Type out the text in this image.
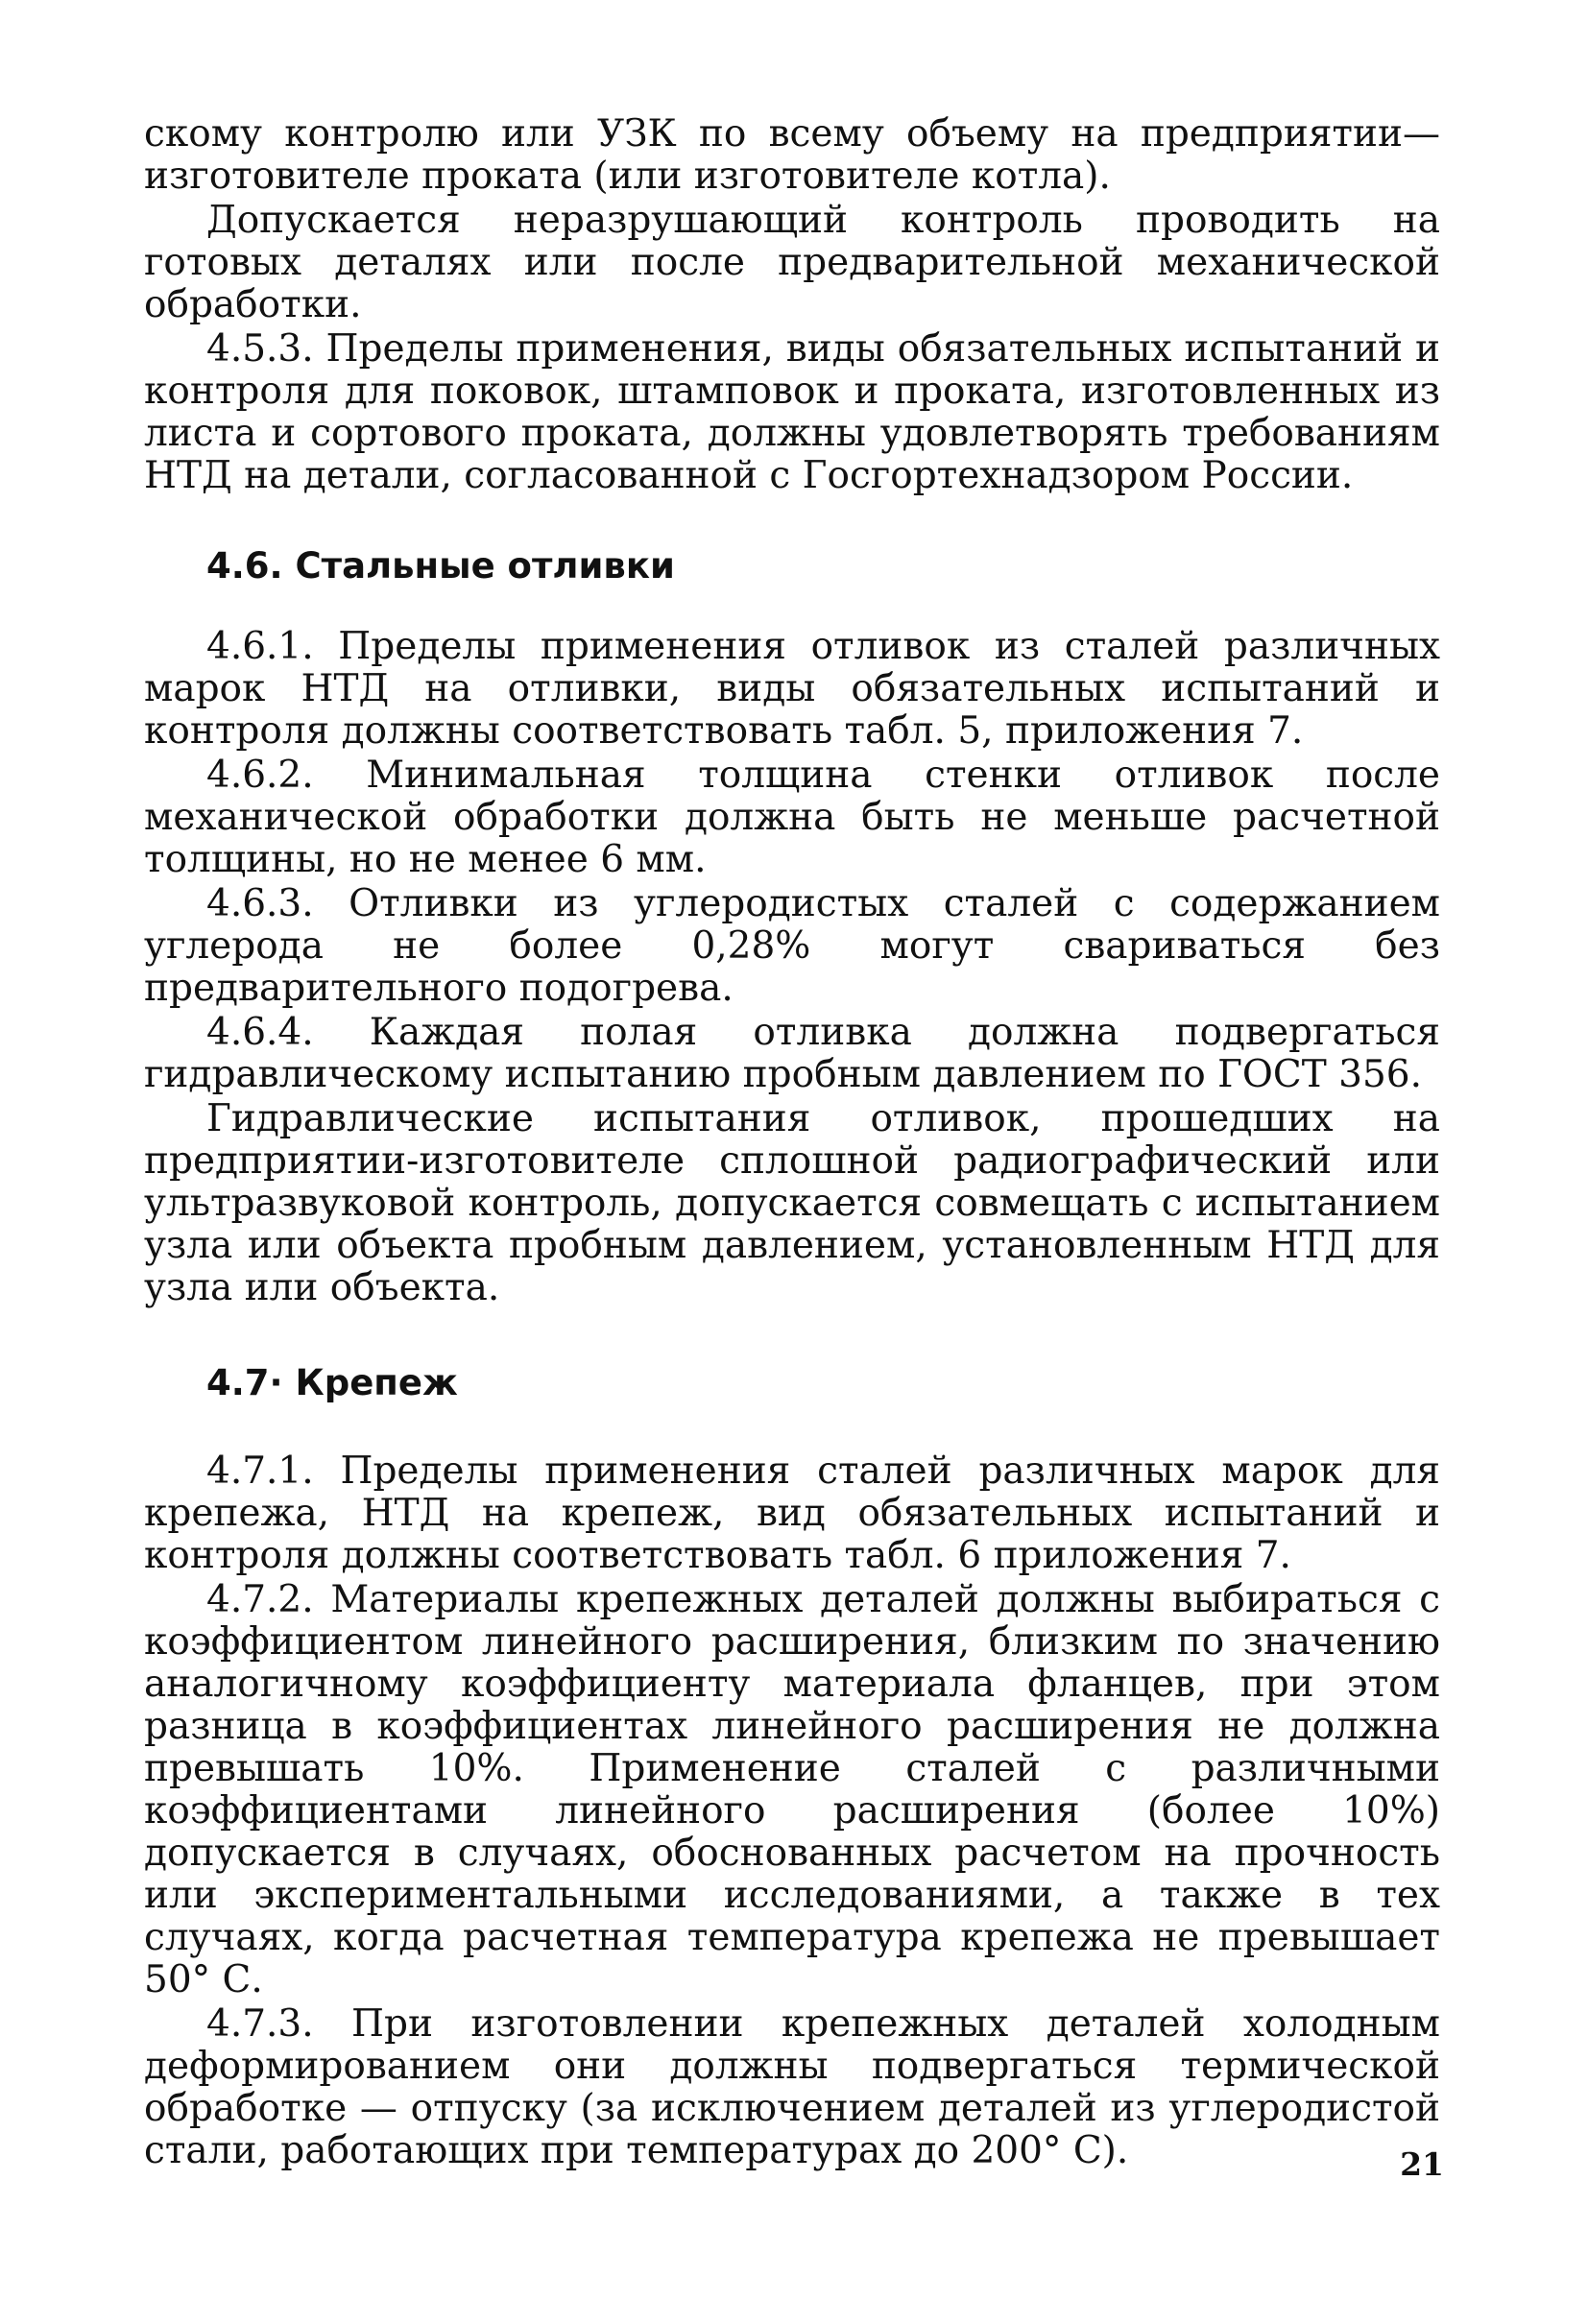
скому контролю или УЗК по всему объему на предприятии— изготовителе проката (или изготовителе котла).

Допускается неразрушающий контроль проводить на готовых деталях или после предварительной механической обработки.

4.5.3. Пределы применения, виды обязательных испытаний и контроля для поковок, штамповок и проката, изготовленных из листа и сортового проката, должны удовлетворять требованиям НТД на детали, согласованной с Госгортехнадзором России.

4.6. Стальные отливки

4.6.1. Пределы применения отливок из сталей различных марок НТД на отливки, виды обязательных испытаний и контроля должны соответствовать табл. 5, приложения 7.

4.6.2. Минимальная толщина стенки отливок после механической обработки должна быть не меньше расчетной толщины, но не менее 6 мм.

4.6.3. Отливки из углеродистых сталей с содержанием углерода не более 0,28% могут свариваться без предварительного подогрева.

4.6.4. Каждая полая отливка должна подвергаться гидравлическому испытанию пробным давлением по ГОСТ 356.

Гидравлические испытания отливок, прошедших на предприятии-изготовителе сплошной радиографический или ультразвуковой контроль, допускается совмещать с испытанием узла или объекта пробным давлением, установленным НТД для узла или объекта.

4.7· Крепеж

4.7.1. Пределы применения сталей различных марок для крепежа, НТД на крепеж, вид обязательных испытаний и контроля должны соответствовать табл. 6 приложения 7.

4.7.2. Материалы крепежных деталей должны выбираться с коэффициентом линейного расширения, близким по значению аналогичному коэффициенту материала фланцев, при этом разница в коэффициентах линейного расширения не должна превышать 10%. Применение сталей с различными коэффициентами линейного расширения (более 10%) допускается в случаях, обоснованных расчетом на прочность или экспериментальными исследованиями, а также в тех случаях, когда расчетная температура крепежа не превышает 50° С.

4.7.3. При изготовлении крепежных деталей холодным деформированием они должны подвергаться термической обработке — отпуску (за исключением деталей из углеродистой стали, работающих при температурах до 200° С).	21
